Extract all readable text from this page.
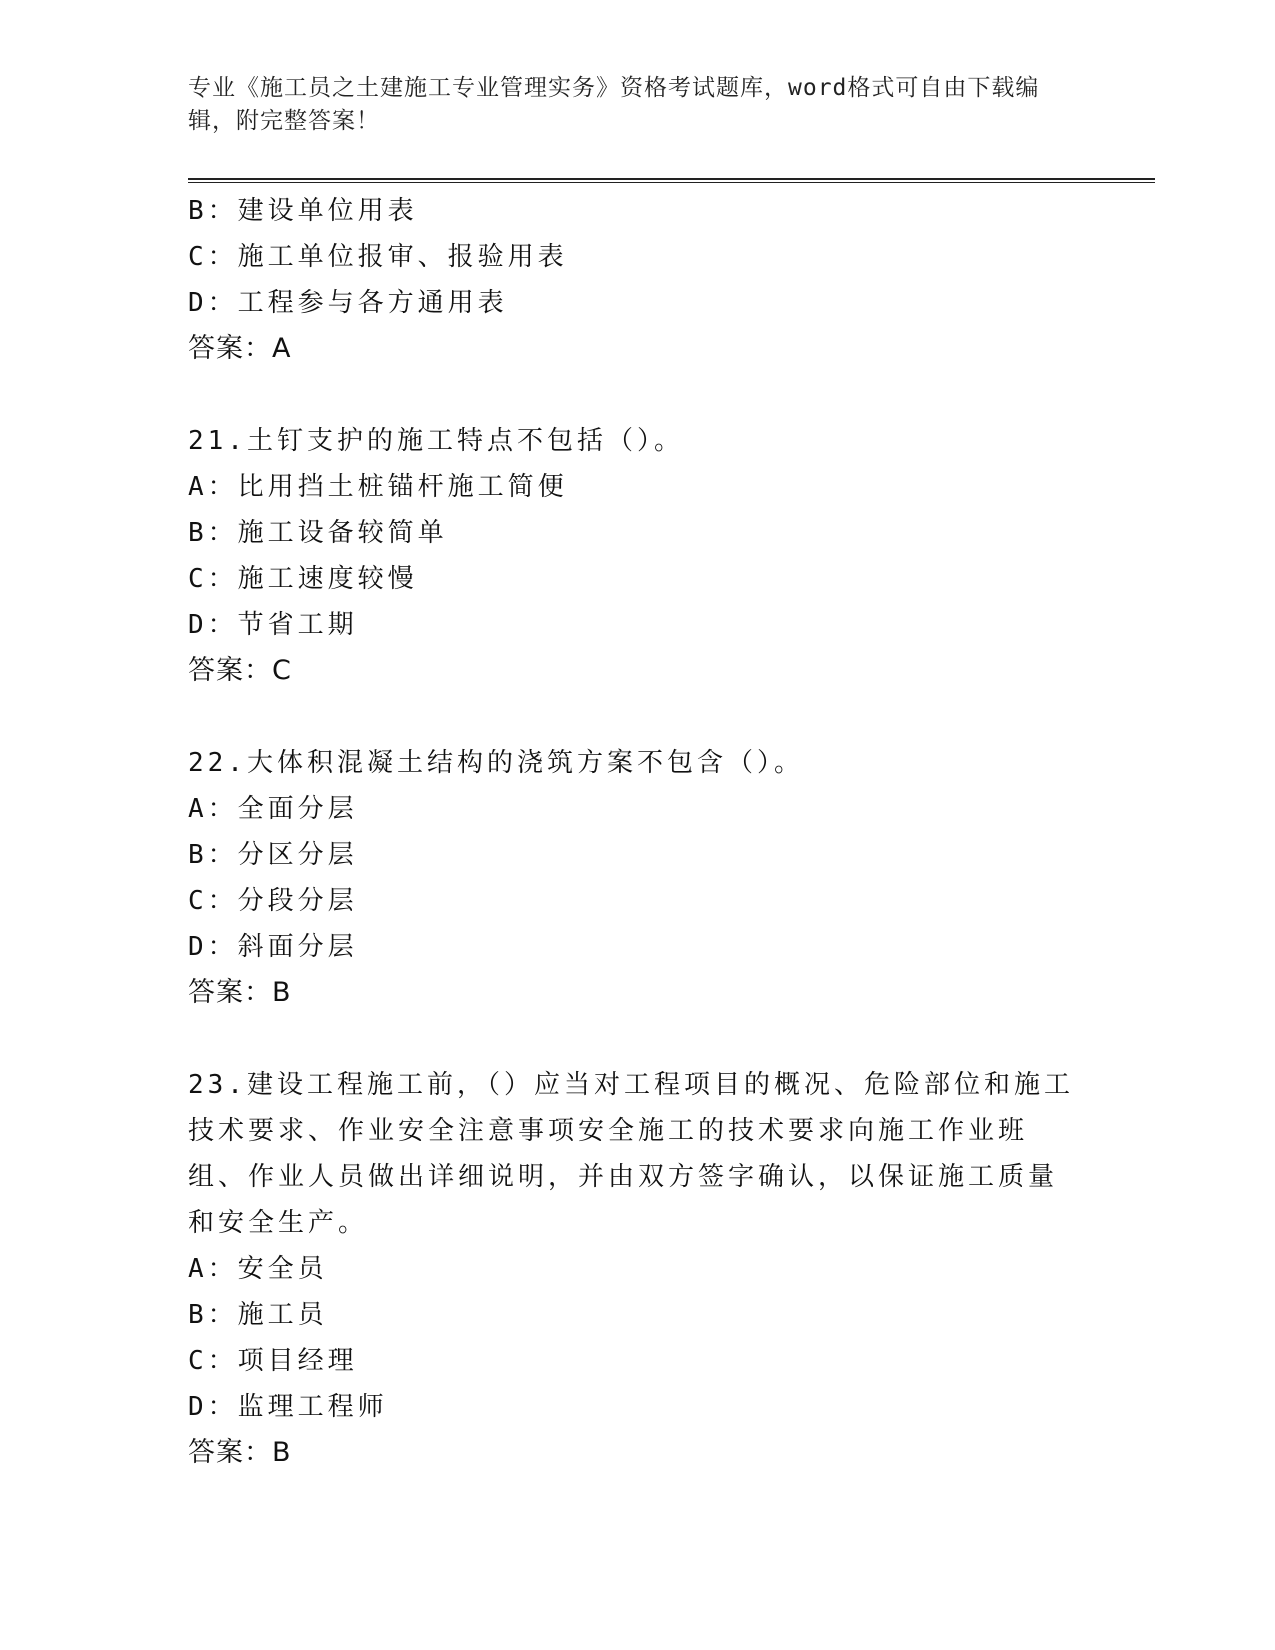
专业《施工员之土建施工专业管理实务》资格考试题库，word格式可自由下载编辑，附完整答案！
B：建设单位用表
C：施工单位报审、报验用表
D：工程参与各方通用表
答案：A
21.土钉支护的施工特点不包括（）。
A：比用挡土桩锚杆施工简便
B：施工设备较简单
C：施工速度较慢
D：节省工期
答案：C
22.大体积混凝土结构的浇筑方案不包含（）。
A：全面分层
B：分区分层
C：分段分层
D：斜面分层
答案：B
23.建设工程施工前，（）应当对工程项目的概况、危险部位和施工技术要求、作业安全注意事项安全施工的技术要求向施工作业班组、作业人员做出详细说明，并由双方签字确认，以保证施工质量和安全生产。
A：安全员
B：施工员
C：项目经理
D：监理工程师
答案：B
